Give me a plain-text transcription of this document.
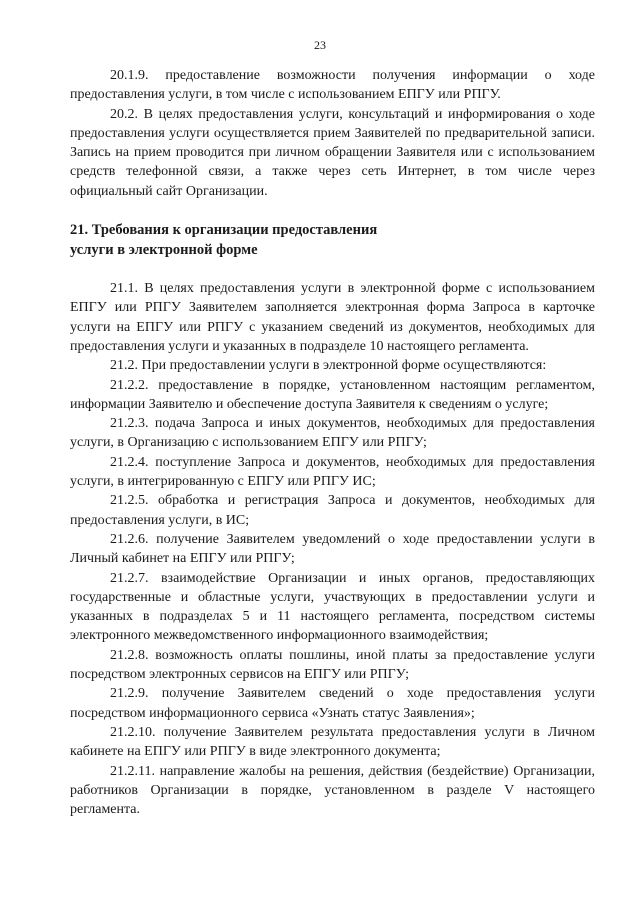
23

20.1.9. предоставление возможности получения информации о ходе предоставления услуги, в том числе с использованием ЕПГУ или РПГУ.

20.2. В целях предоставления услуги, консультаций и информирования о ходе предоставления услуги осуществляется прием Заявителей по предварительной записи. Запись на прием проводится при личном обращении Заявителя или с использованием средств телефонной связи, а также через сеть Интернет, в том числе через официальный сайт Организации.

21. Требования к организации предоставления

услуги в электронной форме

21.1. В целях предоставления услуги в электронной форме с использованием ЕПГУ или РПГУ Заявителем заполняется электронная форма Запроса в карточке услуги на ЕПГУ или РПГУ с указанием сведений из документов, необходимых для предоставления услуги и указанных в подразделе 10 настоящего регламента.

21.2. При предоставлении услуги в электронной форме осуществляются:

21.2.2. предоставление в порядке, установленном настоящим регламентом, информации Заявителю и обеспечение доступа Заявителя к сведениям о услуге;

21.2.3. подача Запроса и иных документов, необходимых для предоставления услуги, в Организацию с использованием ЕПГУ или РПГУ;

21.2.4. поступление Запроса и документов, необходимых для предоставления услуги, в интегрированную с ЕПГУ или РПГУ ИС;

21.2.5. обработка и регистрация Запроса и документов, необходимых для предоставления услуги, в ИС;

21.2.6. получение Заявителем уведомлений о ходе предоставлении услуги в Личный кабинет на ЕПГУ или РПГУ;

21.2.7. взаимодействие Организации и иных органов, предоставляющих государственные и областные услуги, участвующих в предоставлении услуги и указанных в подразделах 5 и 11 настоящего регламента, посредством системы электронного межведомственного информационного взаимодействия;

21.2.8. возможность оплаты пошлины, иной платы за предоставление услуги посредством электронных сервисов на ЕПГУ или РПГУ;

21.2.9. получение Заявителем сведений о ходе предоставления услуги посредством информационного сервиса «Узнать статус Заявления»;

21.2.10. получение Заявителем результата предоставления услуги в Личном кабинете на ЕПГУ или РПГУ в виде электронного документа;

21.2.11. направление жалобы на решения, действия (бездействие) Организации, работников Организации в порядке, установленном в разделе V настоящего регламента.
